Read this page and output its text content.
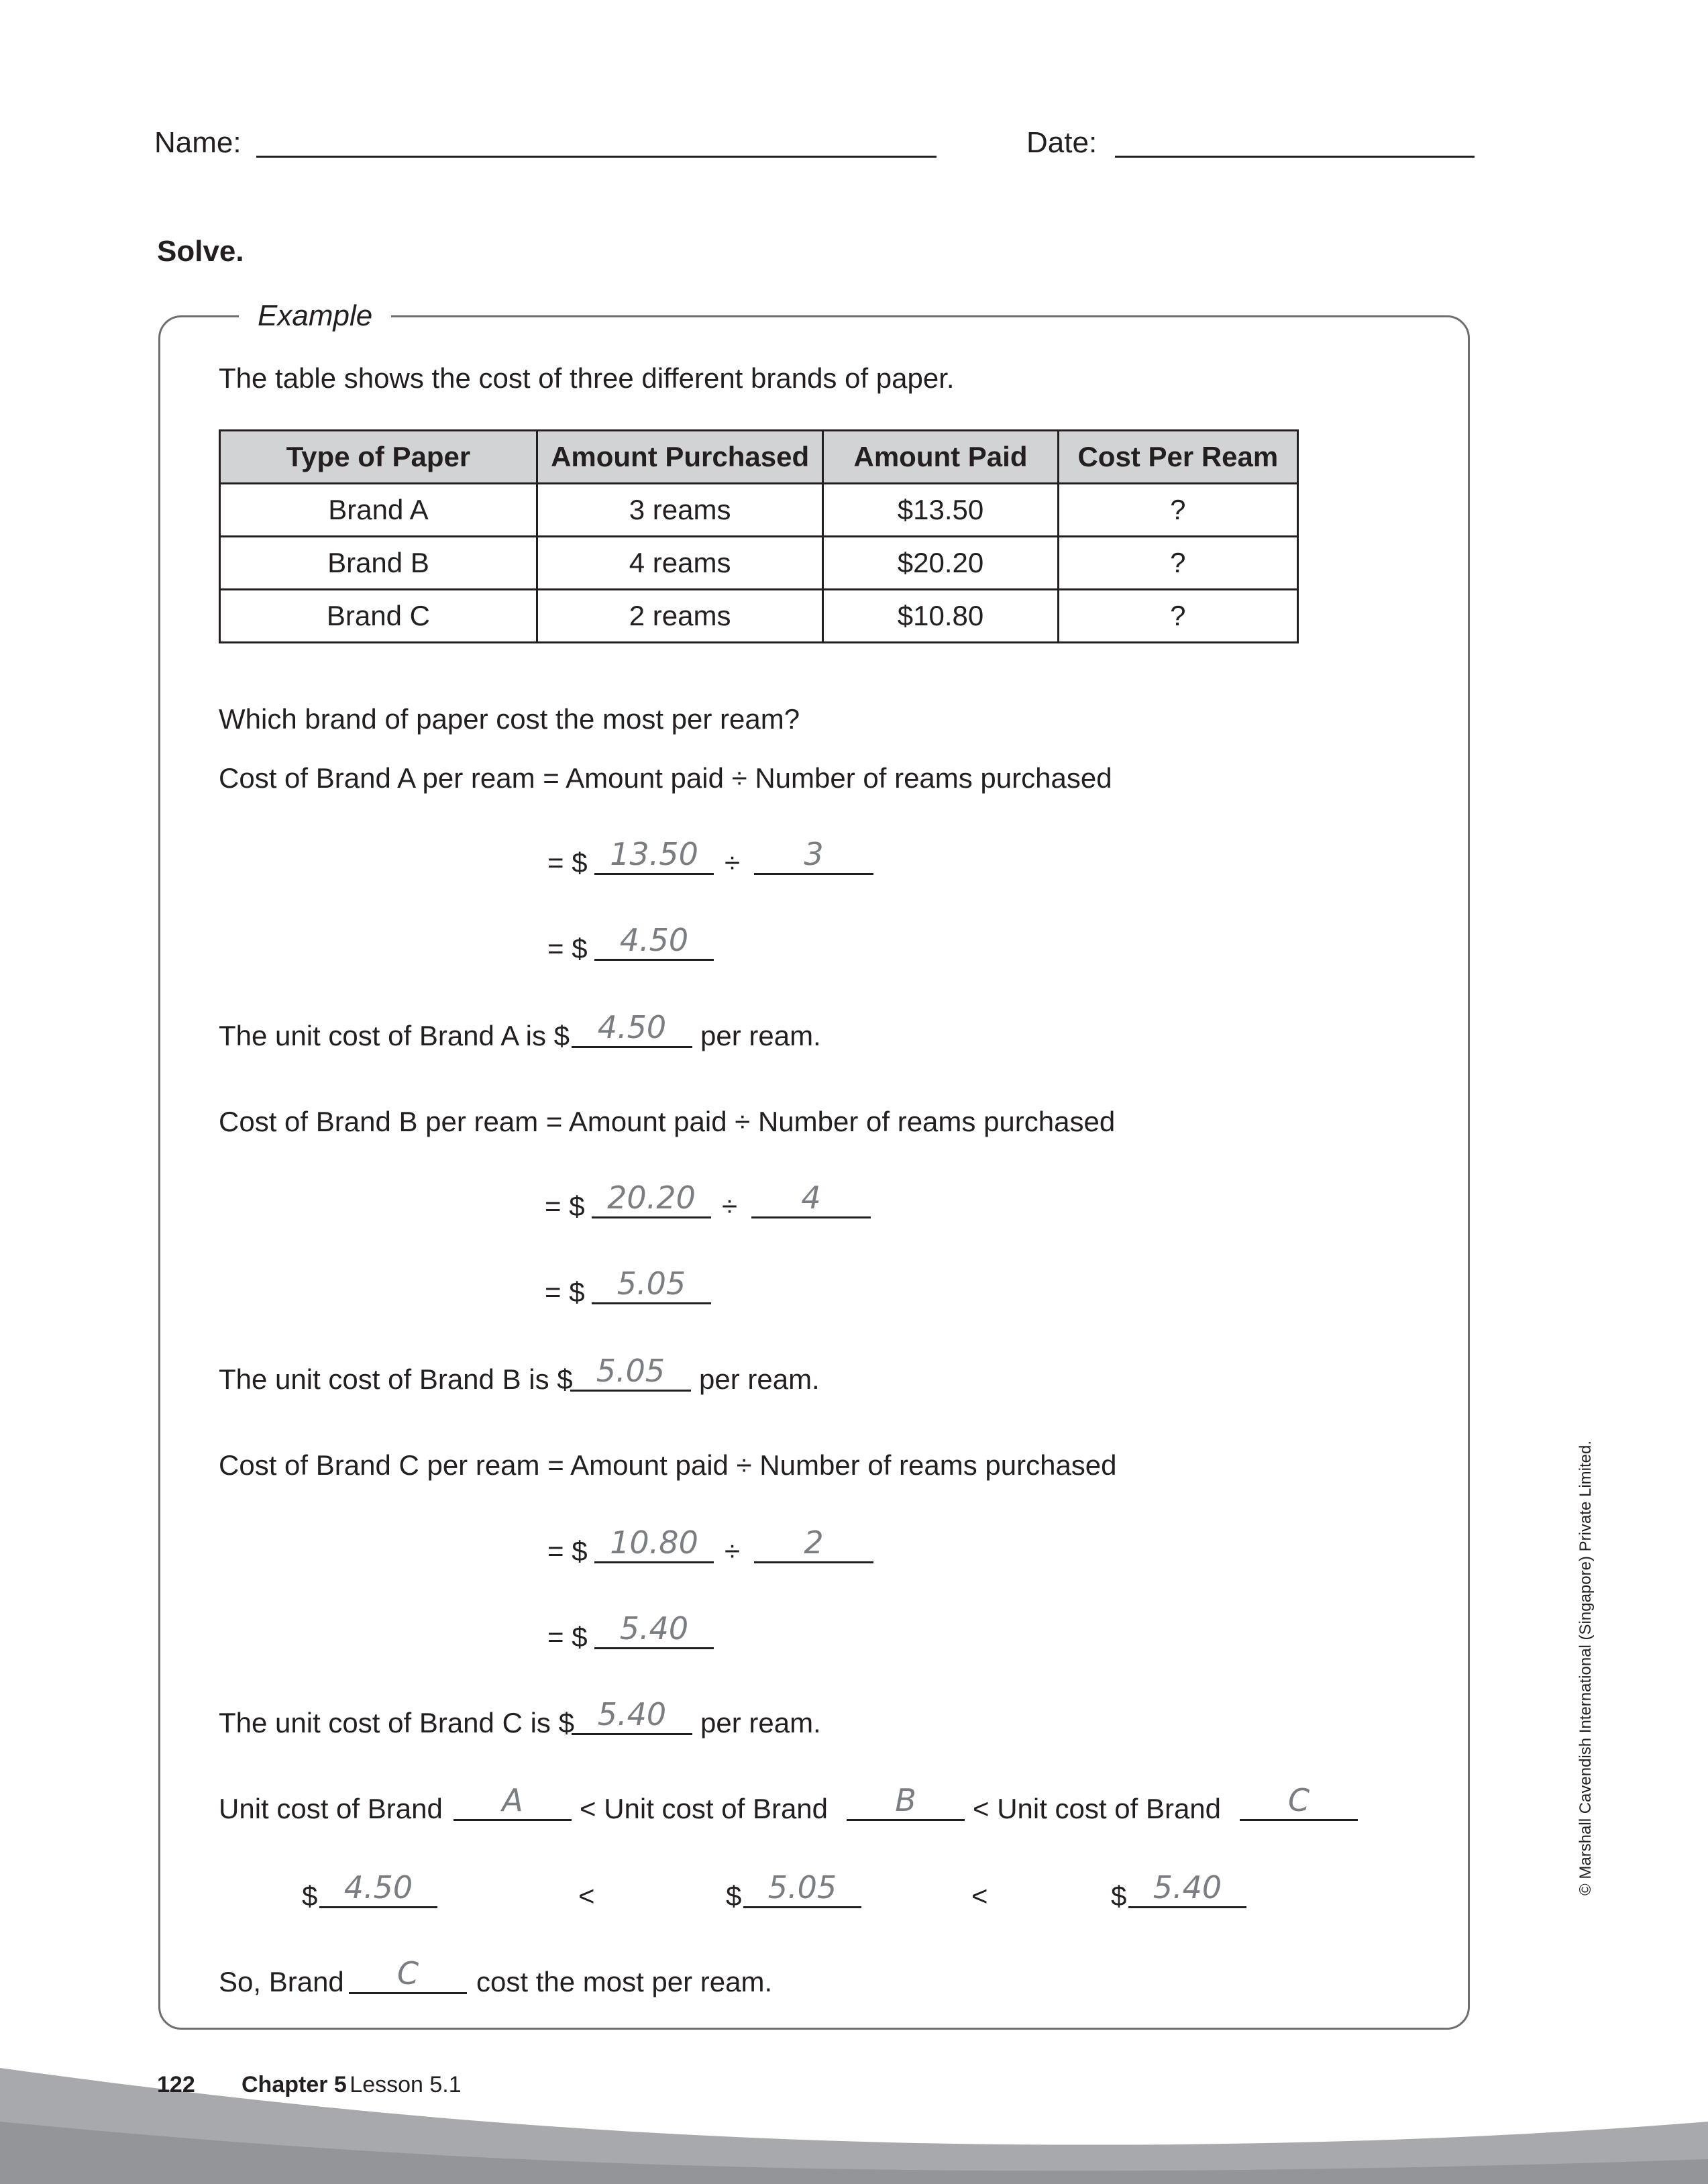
Name:	Date:
Solve.
Example
The table shows the cost of three different brands of paper.
Type of Paper	Amount Purchased	Amount Paid	Cost Per Ream
Brand A	3 reams	$13.50	?
Brand B	4 reams	$20.20	?
Brand C	2 reams	$10.80	?
Which brand of paper cost the most per ream?
Cost of Brand A per ream = Amount paid ÷ Number of reams purchased
= $ 13.50 ÷	3
= $	4.50
The unit cost of Brand A is $ 4.50	per ream.
Cost of Brand B per ream = Amount paid ÷ Number of reams purchased
= $ 20.20 ÷	4
= $	5.05
The unit cost of Brand B is $ 5.05	per ream.
Cost of Brand C per ream = Amount paid ÷ Number of reams purchased
= $ 10.80 ÷	2
= $	5.40
The unit cost of Brand C is $ 5.40	per ream.
Unit cost of Brand	A	< Unit cost of Brand	B	< Unit cost of Brand	C
$ 4.50	<	$ 5.05	<	$ 5.40
So, Brand	C	cost the most per ream.
© Marshall Cavendish International (Singapore) Private Limited.
122 Chapter 5 Lesson 5.1
